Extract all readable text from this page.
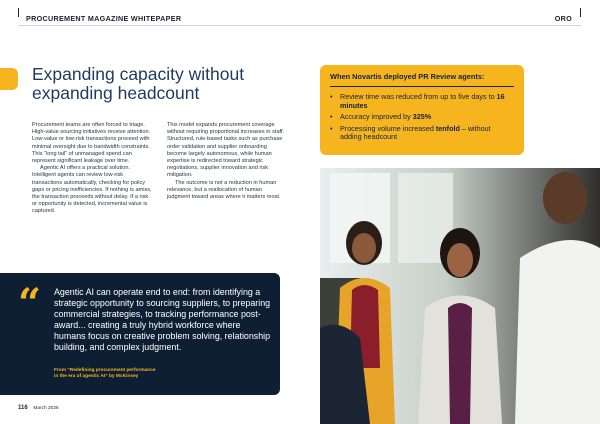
PROCUREMENT MAGAZINE WHITEPAPER	ORO
Expanding capacity without expanding headcount

Procurement teams are often forced to triage. High-value sourcing initiatives receive attention. Low-value or low-risk transactions proceed with minimal oversight due to bandwidth constraints. This “long tail” of unmanaged spend can represent significant leakage over time.

Agentic AI offers a practical solution. Intelligent agents can review low-risk transactions automatically, checking for policy gaps or pricing inefficiencies. If nothing is amiss, the transaction proceeds without delay. If a risk or opportunity is detected, incremental value is captured.

This model expands procurement coverage without requiring proportional increases in staff. Structured, rule-based tasks such as purchase order validation and supplier onboarding become largely autonomous, while human expertise is redirected toward strategic negotiations, supplier innovation and risk mitigation.

The outcome is not a reduction in human relevance, but a reallocation of human judgment toward areas where it matters most.

When Novartis deployed PR Review agents:
• Review time was reduced from up to five days to 16 minutes
• Accuracy improved by 325%
• Processing volume increased tenfold – without adding headcount
“ Agentic AI can operate end to end: from identifying a strategic opportunity to sourcing suppliers, to preparing commercial strategies, to tracking performance post-award... creating a truly hybrid workforce where humans focus on creative problem solving, relationship building, and complex judgment.
From “Redefining procurement performance
in the era of agentic AI” by McKinsey
116 March 2026
